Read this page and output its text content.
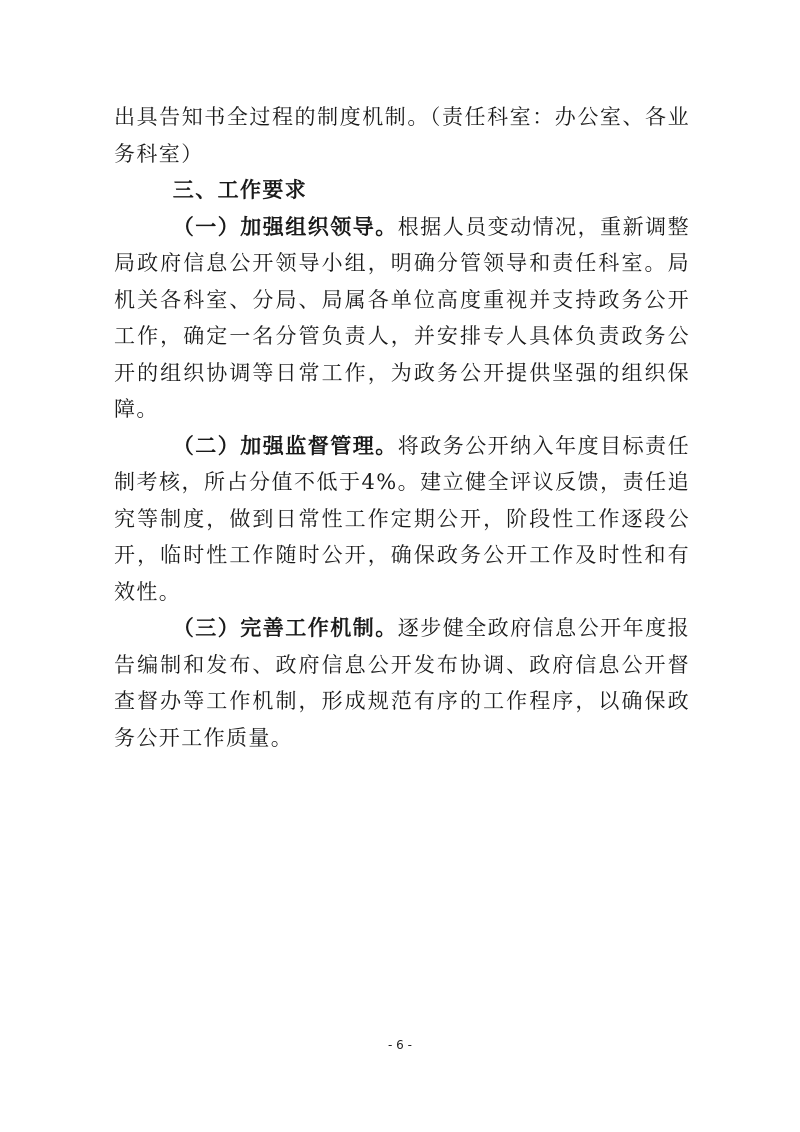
出具告知书全过程的制度机制。（责任科室：办公室、各业务科室）

三、工作要求

（一）加强组织领导。根据人员变动情况，重新调整局政府信息公开领导小组，明确分管领导和责任科室。局机关各科室、分局、局属各单位高度重视并支持政务公开工作，确定一名分管负责人，并安排专人具体负责政务公开的组织协调等日常工作，为政务公开提供坚强的组织保障。

（二）加强监督管理。将政务公开纳入年度目标责任制考核，所占分值不低于4%。建立健全评议反馈，责任追究等制度，做到日常性工作定期公开，阶段性工作逐段公开，临时性工作随时公开，确保政务公开工作及时性和有效性。

（三）完善工作机制。逐步健全政府信息公开年度报告编制和发布、政府信息公开发布协调、政府信息公开督查督办等工作机制，形成规范有序的工作程序，以确保政务公开工作质量。

- 6 -
